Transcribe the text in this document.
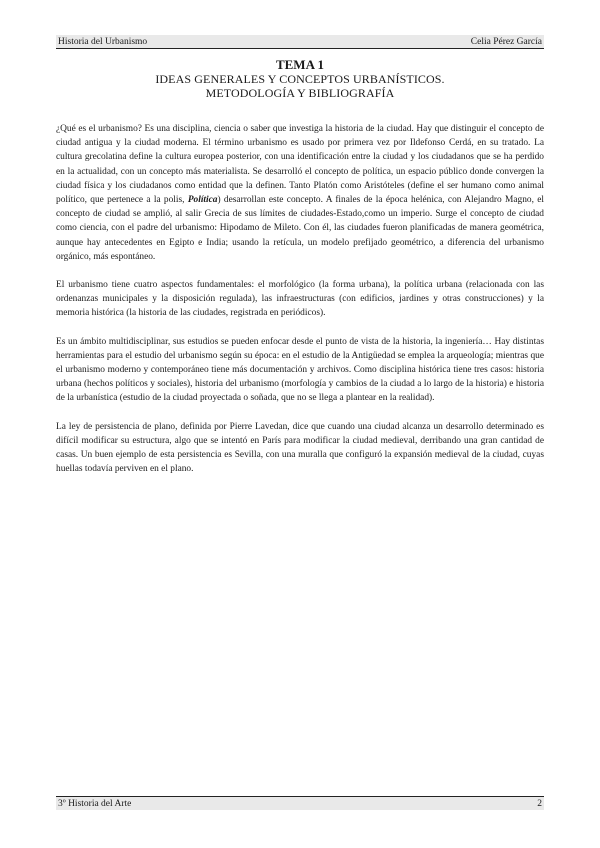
Historia del Urbanismo	Celia Pérez García
TEMA 1
IDEAS GENERALES Y CONCEPTOS URBANÍSTICOS.
METODOLOGÍA Y BIBLIOGRAFÍA

¿Qué es el urbanismo? Es una disciplina, ciencia o saber que investiga la historia de la ciudad. Hay que distinguir el concepto de ciudad antigua y la ciudad moderna. El término urbanismo es usado por primera vez por Ildefonso Cerdá, en su tratado. La cultura grecolatina define la cultura europea posterior, con una identificación entre la ciudad y los ciudadanos que se ha perdido en la actualidad, con un concepto más materialista. Se desarrolló el concepto de política, un espacio público donde convergen la ciudad física y los ciudadanos como entidad que la definen. Tanto Platón como Aristóteles (define el ser humano como animal político, que pertenece a la polis, Política) desarrollan este concepto. A finales de la época helénica, con Alejandro Magno, el concepto de ciudad se amplió, al salir Grecia de sus límites de ciudades-Estado,como un imperio. Surge el concepto de ciudad como ciencia, con el padre del urbanismo: Hipodamo de Mileto. Con él, las ciudades fueron planificadas de manera geométrica, aunque hay antecedentes en Egipto e India; usando la retícula, un modelo prefijado geométrico, a diferencia del urbanismo orgánico, más espontáneo.

El urbanismo tiene cuatro aspectos fundamentales: el morfológico (la forma urbana), la política urbana (relacionada con las ordenanzas municipales y la disposición regulada), las infraestructuras (con edificios, jardines y otras construcciones) y la memoria histórica (la historia de las ciudades, registrada en periódicos).

Es un ámbito multidisciplinar, sus estudios se pueden enfocar desde el punto de vista de la historia, la ingeniería… Hay distintas herramientas para el estudio del urbanismo según su época: en el estudio de la Antigüedad se emplea la arqueología; mientras que el urbanismo moderno y contemporáneo tiene más documentación y archivos. Como disciplina histórica tiene tres casos: historia urbana (hechos políticos y sociales), historia del urbanismo (morfología y cambios de la ciudad a lo largo de la historia) e historia de la urbanística (estudio de la ciudad proyectada o soñada, que no se llega a plantear en la realidad).

La ley de persistencia de plano, definida por Pierre Lavedan, dice que cuando una ciudad alcanza un desarrollo determinado es difícil modificar su estructura, algo que se intentó en París para modificar la ciudad medieval, derribando una gran cantidad de casas. Un buen ejemplo de esta persistencia es Sevilla, con una muralla que configuró la expansión medieval de la ciudad, cuyas huellas todavía perviven en el plano.

3º Historia del Arte	2
